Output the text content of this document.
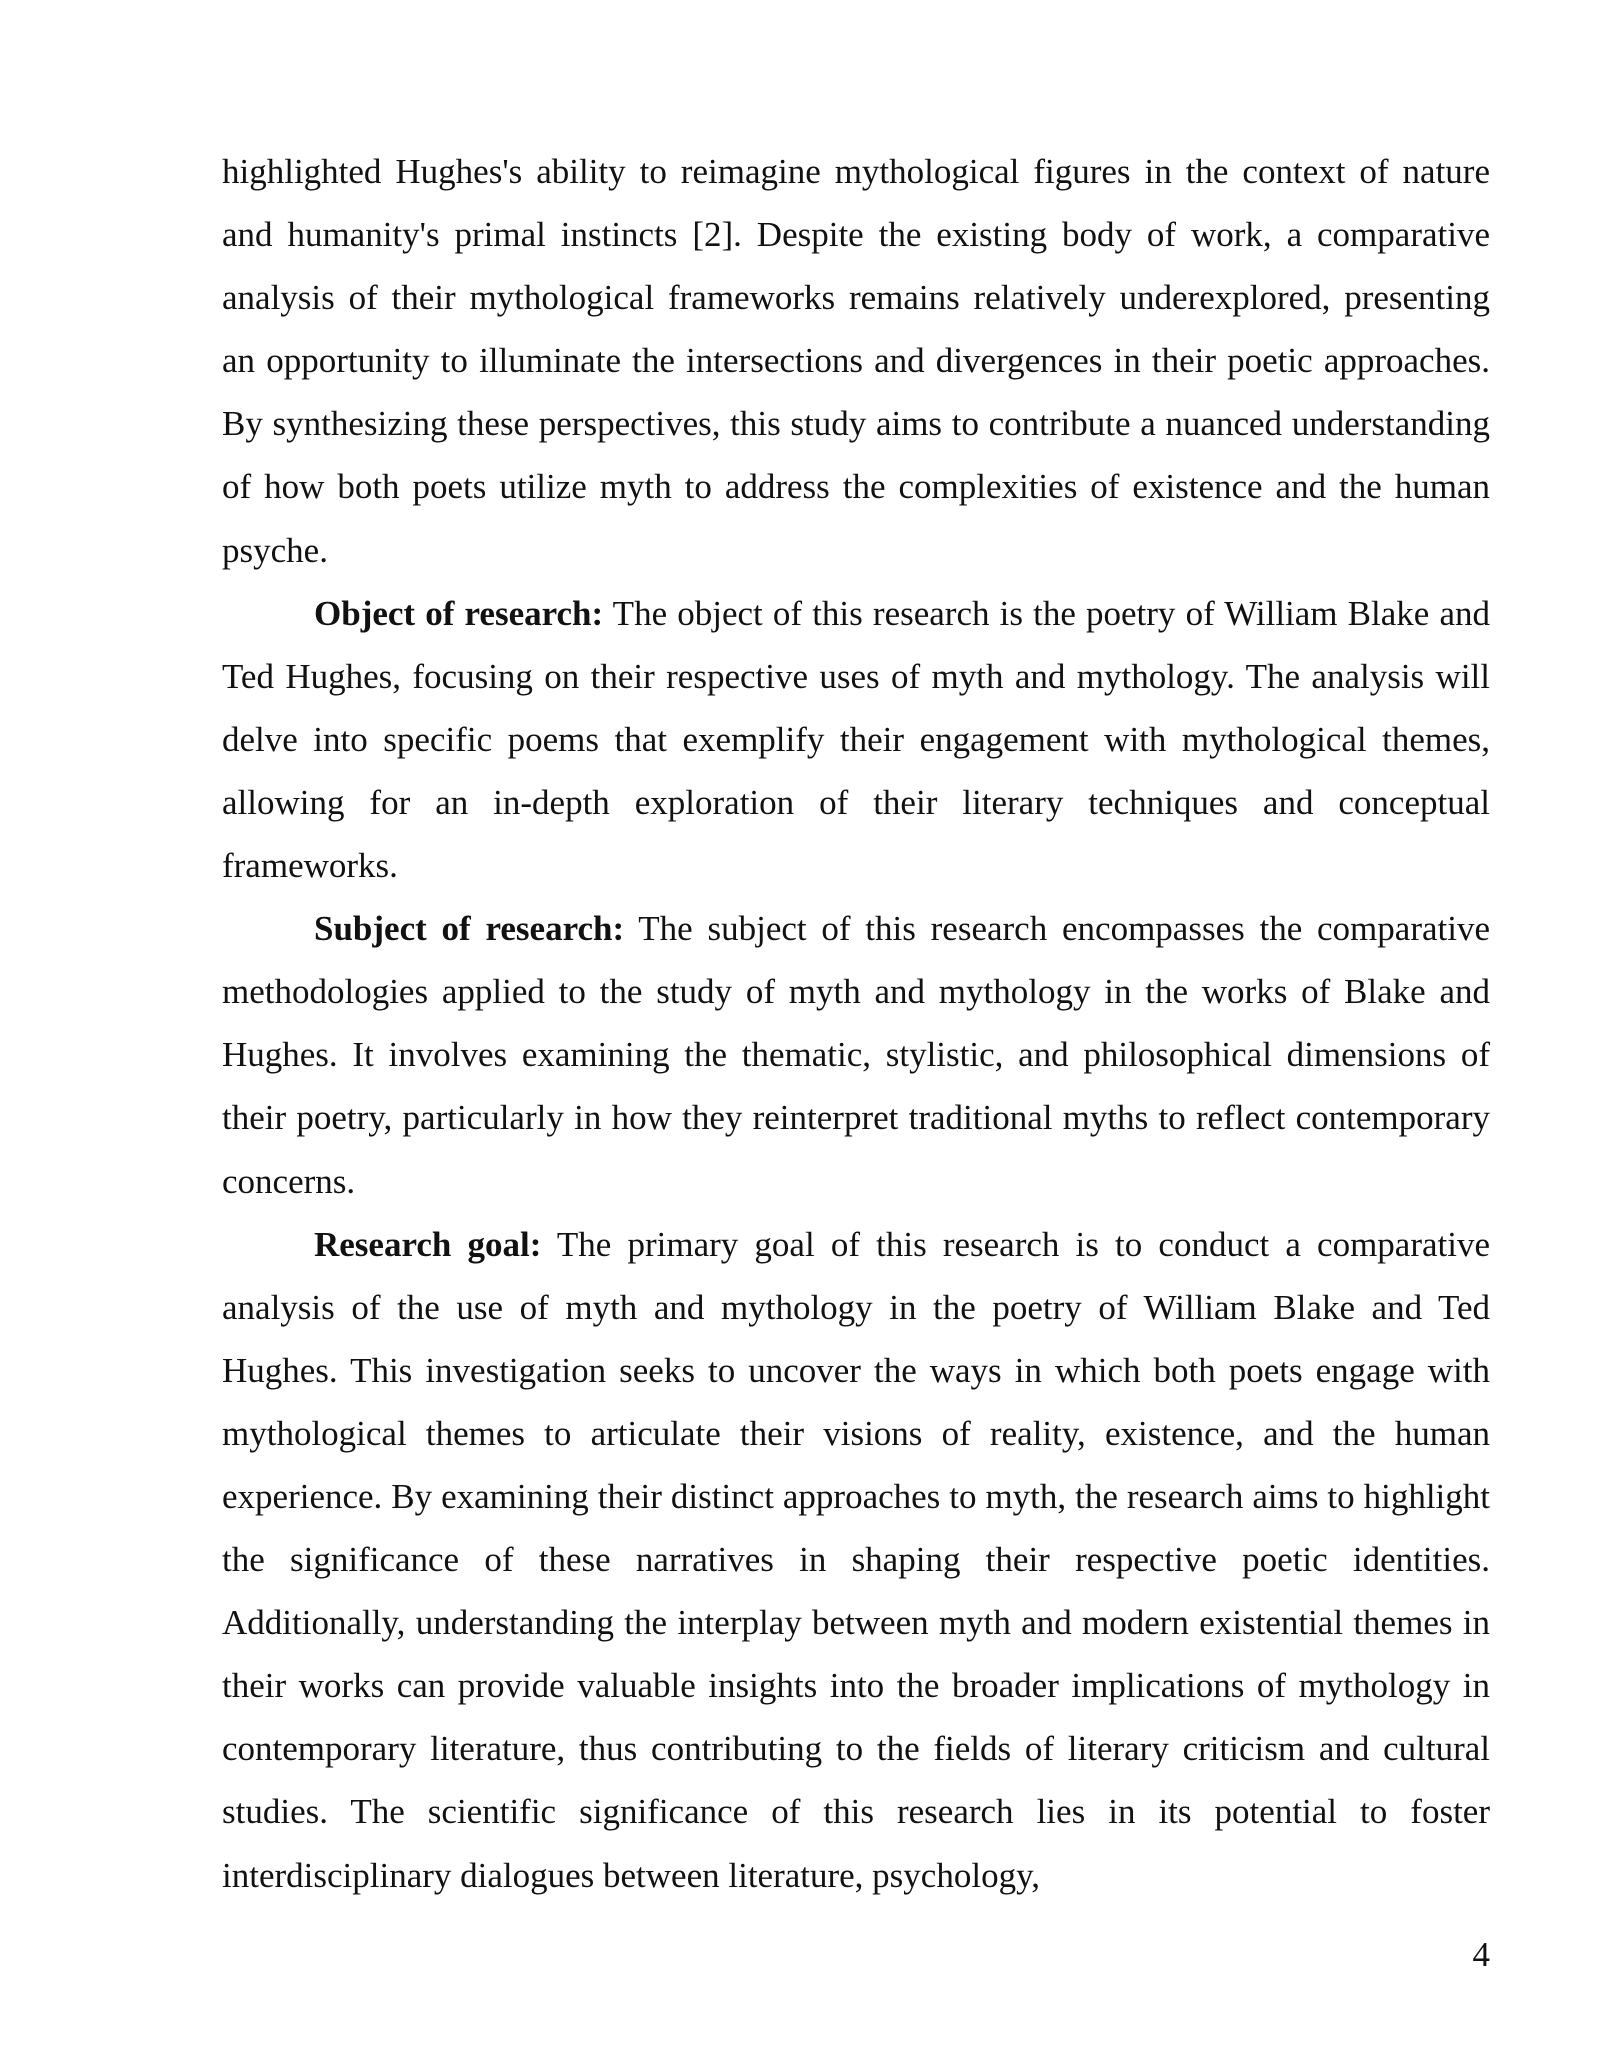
highlighted Hughes's ability to reimagine mythological figures in the context of nature and humanity's primal instincts [2]. Despite the existing body of work, a comparative analysis of their mythological frameworks remains relatively underexplored, presenting an opportunity to illuminate the intersections and divergences in their poetic approaches. By synthesizing these perspectives, this study aims to contribute a nuanced understanding of how both poets utilize myth to address the complexities of existence and the human psyche.

Object of research: The object of this research is the poetry of William Blake and Ted Hughes, focusing on their respective uses of myth and mythology. The analysis will delve into specific poems that exemplify their engagement with mythological themes, allowing for an in-depth exploration of their literary techniques and conceptual frameworks.

Subject of research: The subject of this research encompasses the comparative methodologies applied to the study of myth and mythology in the works of Blake and Hughes. It involves examining the thematic, stylistic, and philosophical dimensions of their poetry, particularly in how they reinterpret traditional myths to reflect contemporary concerns.

Research goal: The primary goal of this research is to conduct a comparative analysis of the use of myth and mythology in the poetry of William Blake and Ted Hughes. This investigation seeks to uncover the ways in which both poets engage with mythological themes to articulate their visions of reality, existence, and the human experience. By examining their distinct approaches to myth, the research aims to highlight the significance of these narratives in shaping their respective poetic identities. Additionally, understanding the interplay between myth and modern existential themes in their works can provide valuable insights into the broader implications of mythology in contemporary literature, thus contributing to the fields of literary criticism and cultural studies. The scientific significance of this research lies in its potential to foster interdisciplinary dialogues between literature, psychology,

4
